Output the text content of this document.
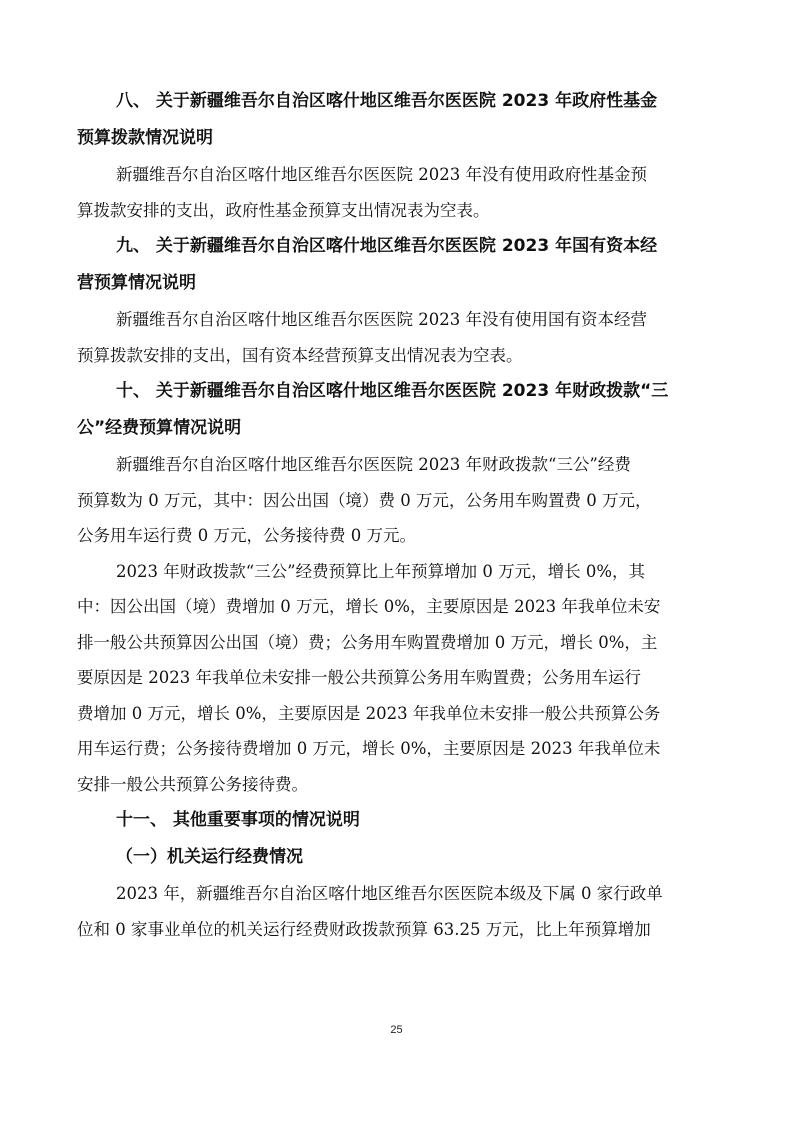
八、 关于新疆维吾尔自治区喀什地区维吾尔医医院 2023 年政府性基金
预算拨款情况说明

新疆维吾尔自治区喀什地区维吾尔医医院 2023 年没有使用政府性基金预
算拨款安排的支出，政府性基金预算支出情况表为空表。

九、 关于新疆维吾尔自治区喀什地区维吾尔医医院 2023 年国有资本经
营预算情况说明

新疆维吾尔自治区喀什地区维吾尔医医院 2023 年没有使用国有资本经营
预算拨款安排的支出，国有资本经营预算支出情况表为空表。

十、 关于新疆维吾尔自治区喀什地区维吾尔医医院 2023 年财政拨款“三
公”经费预算情况说明

新疆维吾尔自治区喀什地区维吾尔医医院 2023 年财政拨款“三公”经费
预算数为 0 万元，其中：因公出国（境）费 0 万元，公务用车购置费 0 万元，
公务用车运行费 0 万元，公务接待费 0 万元。

2023 年财政拨款“三公”经费预算比上年预算增加 0 万元，增长 0%，其
中：因公出国（境）费增加 0 万元，增长 0%，主要原因是 2023 年我单位未安
排一般公共预算因公出国（境）费；公务用车购置费增加 0 万元，增长 0%，主
要原因是 2023 年我单位未安排一般公共预算公务用车购置费；公务用车运行
费增加 0 万元，增长 0%，主要原因是 2023 年我单位未安排一般公共预算公务
用车运行费；公务接待费增加 0 万元，增长 0%，主要原因是 2023 年我单位未
安排一般公共预算公务接待费。

十一、 其他重要事项的情况说明

（一）机关运行经费情况

2023 年，新疆维吾尔自治区喀什地区维吾尔医医院本级及下属 0 家行政单
位和 0 家事业单位的机关运行经费财政拨款预算 63.25 万元，比上年预算增加

25
